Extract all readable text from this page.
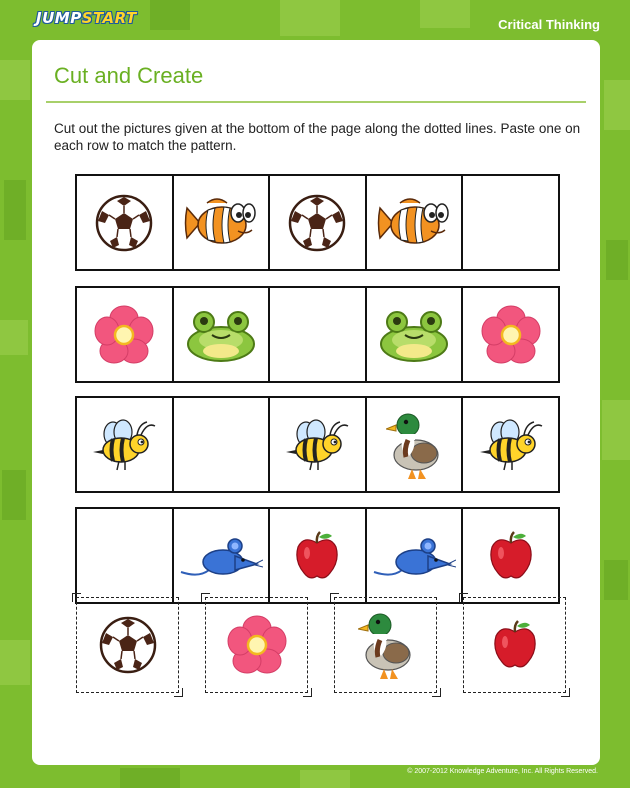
JUMPSTART	Critical Thinking
Cut and Create
Cut out the pictures given at the bottom of the page along the dotted lines. Paste one on each row to match the pattern.
© 2007-2012 Knowledge Adventure, Inc. All Rights Reserved.
